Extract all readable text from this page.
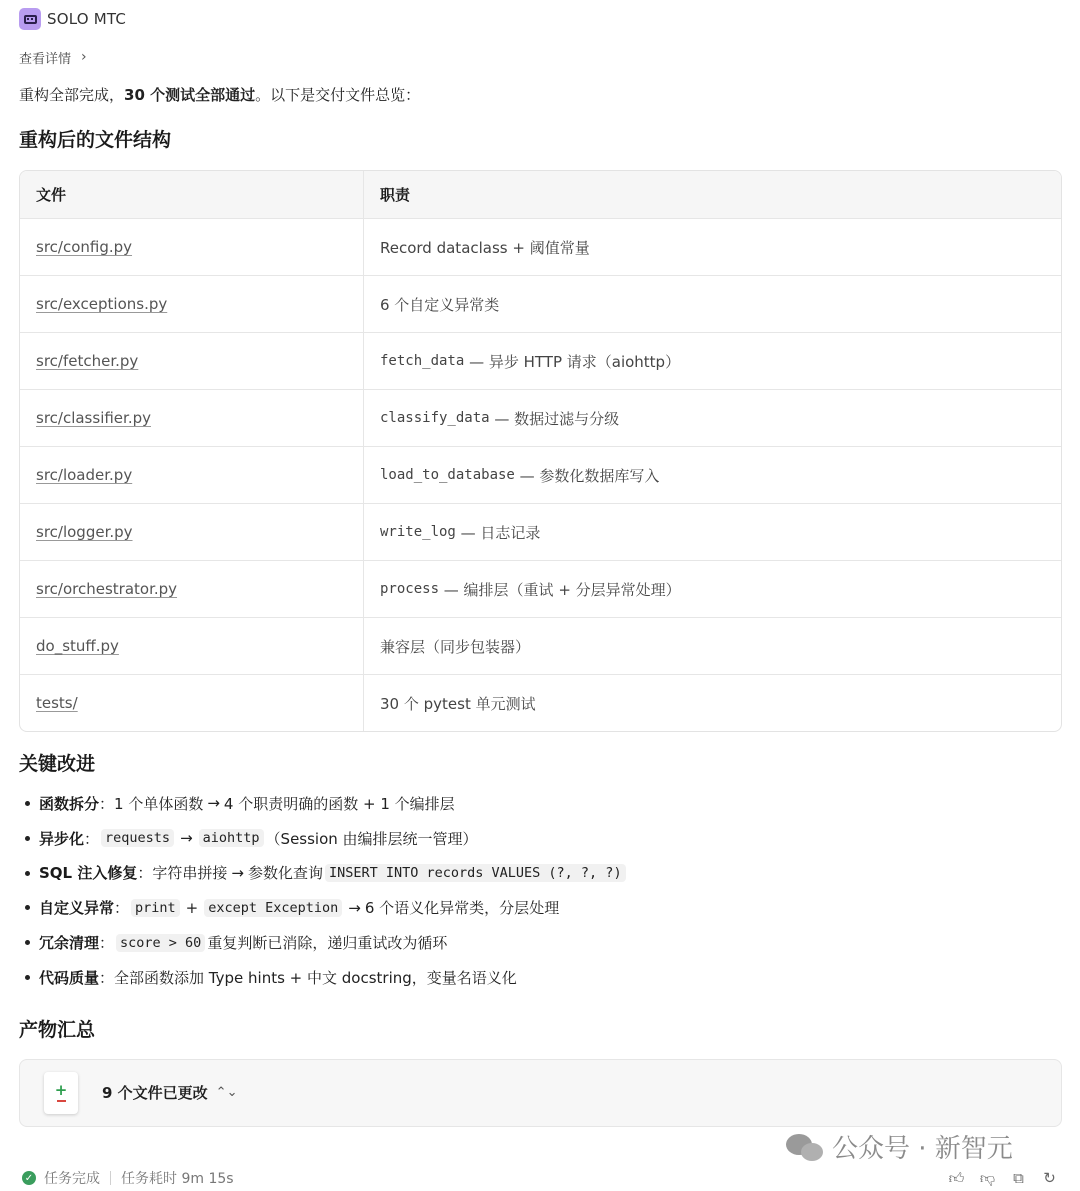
SOLO MTC
查看详情 ›
重构全部完成，30 个测试全部通过。以下是交付文件总览：
重构后的文件结构
文件	职责
src/config.py	Record dataclass + 阈值常量
src/exceptions.py	6 个自定义异常类
src/fetcher.py	fetch_data — 异步 HTTP 请求（aiohttp）
src/classifier.py	classify_data — 数据过滤与分级
src/loader.py	load_to_database — 参数化数据库写入
src/logger.py	write_log — 日志记录
src/orchestrator.py	process — 编排层（重试 + 分层异常处理）
do_stuff.py	兼容层（同步包装器）
tests/	30 个 pytest 单元测试
关键改进
函数拆分 ： 1 个单体函数 → 4 个职责明确的函数 + 1 个编排层
异步化 ： requests → aiohttp （Session 由编排层统一管理）
SQL 注入修复 ： 字符串拼接 → 参数化查询 INSERT INTO records VALUES (?, ?, ?)
自定义异常 ： print + except Exception → 6 个语义化异常类，分层处理
冗余清理 ： score > 60 重复判断已消除，递归重试改为循环
代码质量 ： 全部函数添加 Type hints + 中文 docstring，变量名语义化
产物汇总
+ 9 个文件已更改 ⌃⌄
公众号 · 新智元
✓ 任务完成 任务耗时 9m 15s	👍︎ 👎︎ ⧉ ↻
